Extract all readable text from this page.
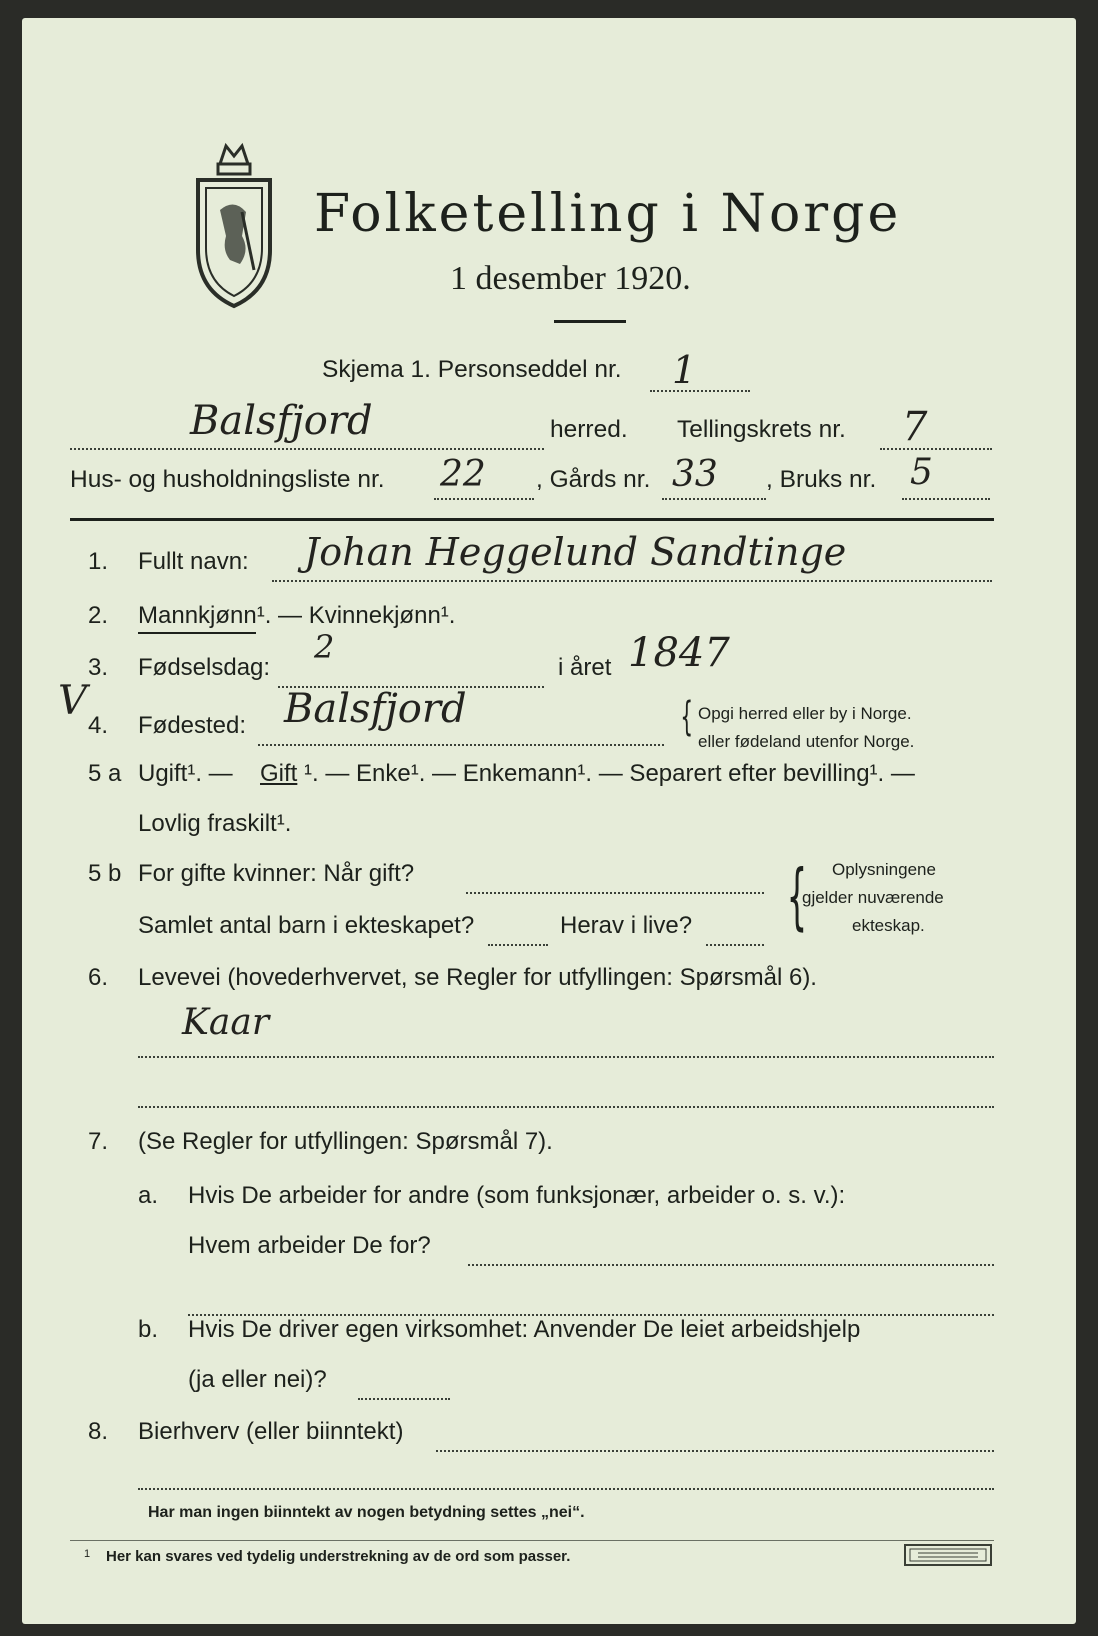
Folketelling i Norge
1 desember 1920.
Skjema 1. Personseddel nr. 1
Balsfjord	herred. Tellingskrets nr. 7
Hus- og husholdningsliste nr. 22 , Gårds nr. 33 , Bruks nr. 5
1. Fullt navn: Johan Heggelund Sandtinge
2. Mannkjønn¹. — Kvinnekjønn¹.
3. Fødselsdag:
2
i året 1847
V
4. Fødested: Balsfjord	{ Opgi herred eller by i Norge.
eller fødeland utenfor Norge.
5 a Ugift¹. — Gift ¹. — Enke¹. — Enkemann¹. — Separert efter bevilling¹. —
Lovlig fraskilt¹.
5 b For gifte kvinner: Når gift?
Samlet antal barn i ekteskapet?	Herav i live? { Oplysningene
gjelder nuværende
ekteskap.
6. Levevei (hovederhvervet, se Regler for utfyllingen: Spørsmål 6).
Kaar
7. (Se Regler for utfyllingen: Spørsmål 7).
a. Hvis De arbeider for andre (som funksjonær, arbeider o. s. v.):
Hvem arbeider De for?
b. Hvis De driver egen virksomhet: Anvender De leiet arbeidshjelp
(ja eller nei)?
8. Bierhverv (eller biinntekt)
Har man ingen biinntekt av nogen betydning settes „nei“.
1 Her kan svares ved tydelig understrekning av de ord som passer.
